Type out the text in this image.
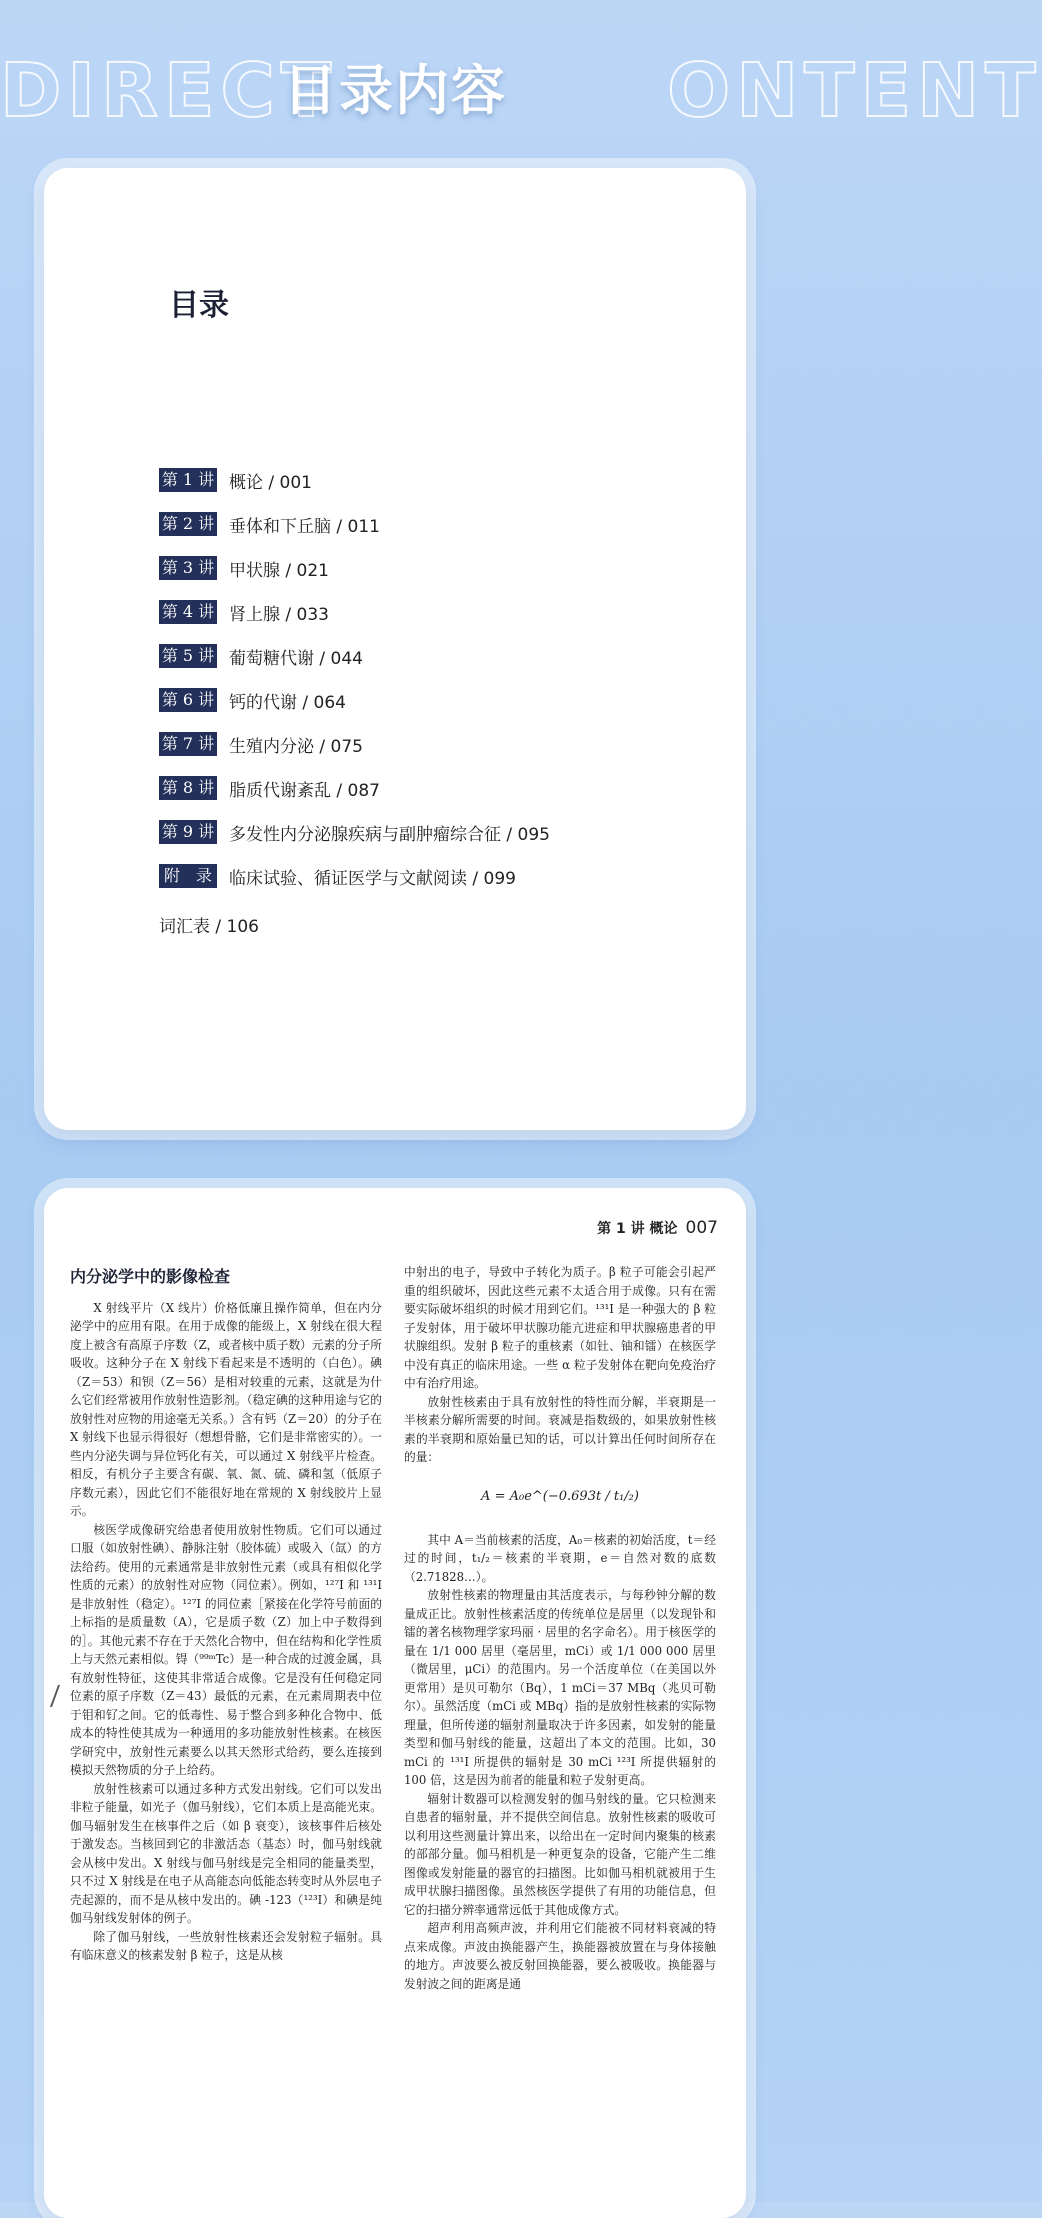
DIRECT	ONTENT
目录内容
目录
第 1 讲 概论 / 001
第 2 讲 垂体和下丘脑 / 011
第 3 讲 甲状腺 / 021
第 4 讲 肾上腺 / 033
第 5 讲 葡萄糖代谢 / 044
第 6 讲 钙的代谢 / 064
第 7 讲 生殖内分泌 / 075
第 8 讲 脂质代谢紊乱 / 087
第 9 讲 多发性内分泌腺疾病与副肿瘤综合征 / 095
附　录 临床试验、循证医学与文献阅读 / 099
词汇表 / 106
第 1 讲 概论 007
内分泌学中的影像检查

X 射线平片（X 线片）价格低廉且操作简单，但在内分泌学中的应用有限。在用于成像的能级上，X 射线在很大程度上被含有高原子序数（Z，或者核中质子数）元素的分子所吸收。这种分子在 X 射线下看起来是不透明的（白色）。碘（Z＝53）和钡（Z＝56）是相对较重的元素，这就是为什么它们经常被用作放射性造影剂。（稳定碘的这种用途与它的放射性对应物的用途毫无关系。）含有钙（Z＝20）的分子在 X 射线下也显示得很好（想想骨骼，它们是非常密实的）。一些内分泌失调与异位钙化有关，可以通过 X 射线平片检查。相反，有机分子主要含有碳、氧、氮、硫、磷和氢（低原子序数元素），因此它们不能很好地在常规的 X 射线胶片上显示。

核医学成像研究给患者使用放射性物质。它们可以通过口服（如放射性碘）、静脉注射（胶体硫）或吸入（氙）的方法给药。使用的元素通常是非放射性元素（或具有相似化学性质的元素）的放射性对应物（同位素）。例如，¹²⁷I 和 ¹³¹I 是非放射性（稳定）。¹²⁷I 的同位素［紧接在化学符号前面的上标指的是质量数（A），它是质子数（Z）加上中子数得到的］。其他元素不存在于天然化合物中，但在结构和化学性质上与天然元素相似。锝（⁹⁹ᵐTc）是一种合成的过渡金属，具有放射性特征，这使其非常适合成像。它是没有任何稳定同位素的原子序数（Z＝43）最低的元素，在元素周期表中位于钼和钌之间。它的低毒性、易于整合到多种化合物中、低成本的特性使其成为一种通用的多功能放射性核素。在核医学研究中，放射性元素要么以其天然形式给药，要么连接到模拟天然物质的分子上给药。

放射性核素可以通过多种方式发出射线。它们可以发出非粒子能量，如光子（伽马射线），它们本质上是高能光束。伽马辐射发生在核事件之后（如 β 衰变），该核事件后核处于激发态。当核回到它的非激活态（基态）时，伽马射线就会从核中发出。X 射线与伽马射线是完全相同的能量类型，只不过 X 射线是在电子从高能态向低能态转变时从外层电子壳起源的，而不是从核中发出的。碘 -123（¹²³I）和碘是纯伽马射线发射体的例子。

除了伽马射线，一些放射性核素还会发射粒子辐射。具有临床意义的核素发射 β 粒子，这是从核

中射出的电子，导致中子转化为质子。β 粒子可能会引起严重的组织破坏，因此这些元素不太适合用于成像。只有在需要实际破坏组织的时候才用到它们。¹³¹I 是一种强大的 β 粒子发射体，用于破坏甲状腺功能亢进症和甲状腺癌患者的甲状腺组织。发射 β 粒子的重核素（如钍、铀和镭）在核医学中没有真正的临床用途。一些 α 粒子发射体在靶向免疫治疗中有治疗用途。

放射性核素由于具有放射性的特性而分解，半衰期是一半核素分解所需要的时间。衰减是指数级的，如果放射性核素的半衰期和原始量已知的话，可以计算出任何时间所存在的量：

A = A₀e^(−0.693t / t₁/₂)

其中 A＝当前核素的活度，A₀＝核素的初始活度，t＝经过的时间，t₁/₂＝核素的半衰期，e＝自然对数的底数（2.71828…）。

放射性核素的物理量由其活度表示，与每秒钟分解的数量成正比。放射性核素活度的传统单位是居里（以发现钋和镭的著名核物理学家玛丽 · 居里的名字命名）。用于核医学的量在 1/1 000 居里（毫居里，mCi）或 1/1 000 000 居里（微居里，μCi）的范围内。另一个活度单位（在美国以外更常用）是贝可勒尔（Bq），1 mCi＝37 MBq（兆贝可勒尔）。虽然活度（mCi 或 MBq）指的是放射性核素的实际物理量，但所传递的辐射剂量取决于许多因素，如发射的能量类型和伽马射线的能量，这超出了本文的范围。比如，30 mCi 的 ¹³¹I 所提供的辐射是 30 mCi ¹²³I 所提供辐射的 100 倍，这是因为前者的能量和粒子发射更高。

辐射计数器可以检测发射的伽马射线的量。它只检测来自患者的辐射量，并不提供空间信息。放射性核素的吸收可以利用这些测量计算出来，以给出在一定时间内聚集的核素的部部分量。伽马相机是一种更复杂的设备，它能产生二维图像或发射能量的器官的扫描图。比如伽马相机就被用于生成甲状腺扫描图像。虽然核医学提供了有用的功能信息，但它的扫描分辨率通常远低于其他成像方式。

超声利用高频声波，并利用它们能被不同材料衰减的特点来成像。声波由换能器产生，换能器被放置在与身体接触的地方。声波要么被反射回换能器，要么被吸收。换能器与发射波之间的距离是通
